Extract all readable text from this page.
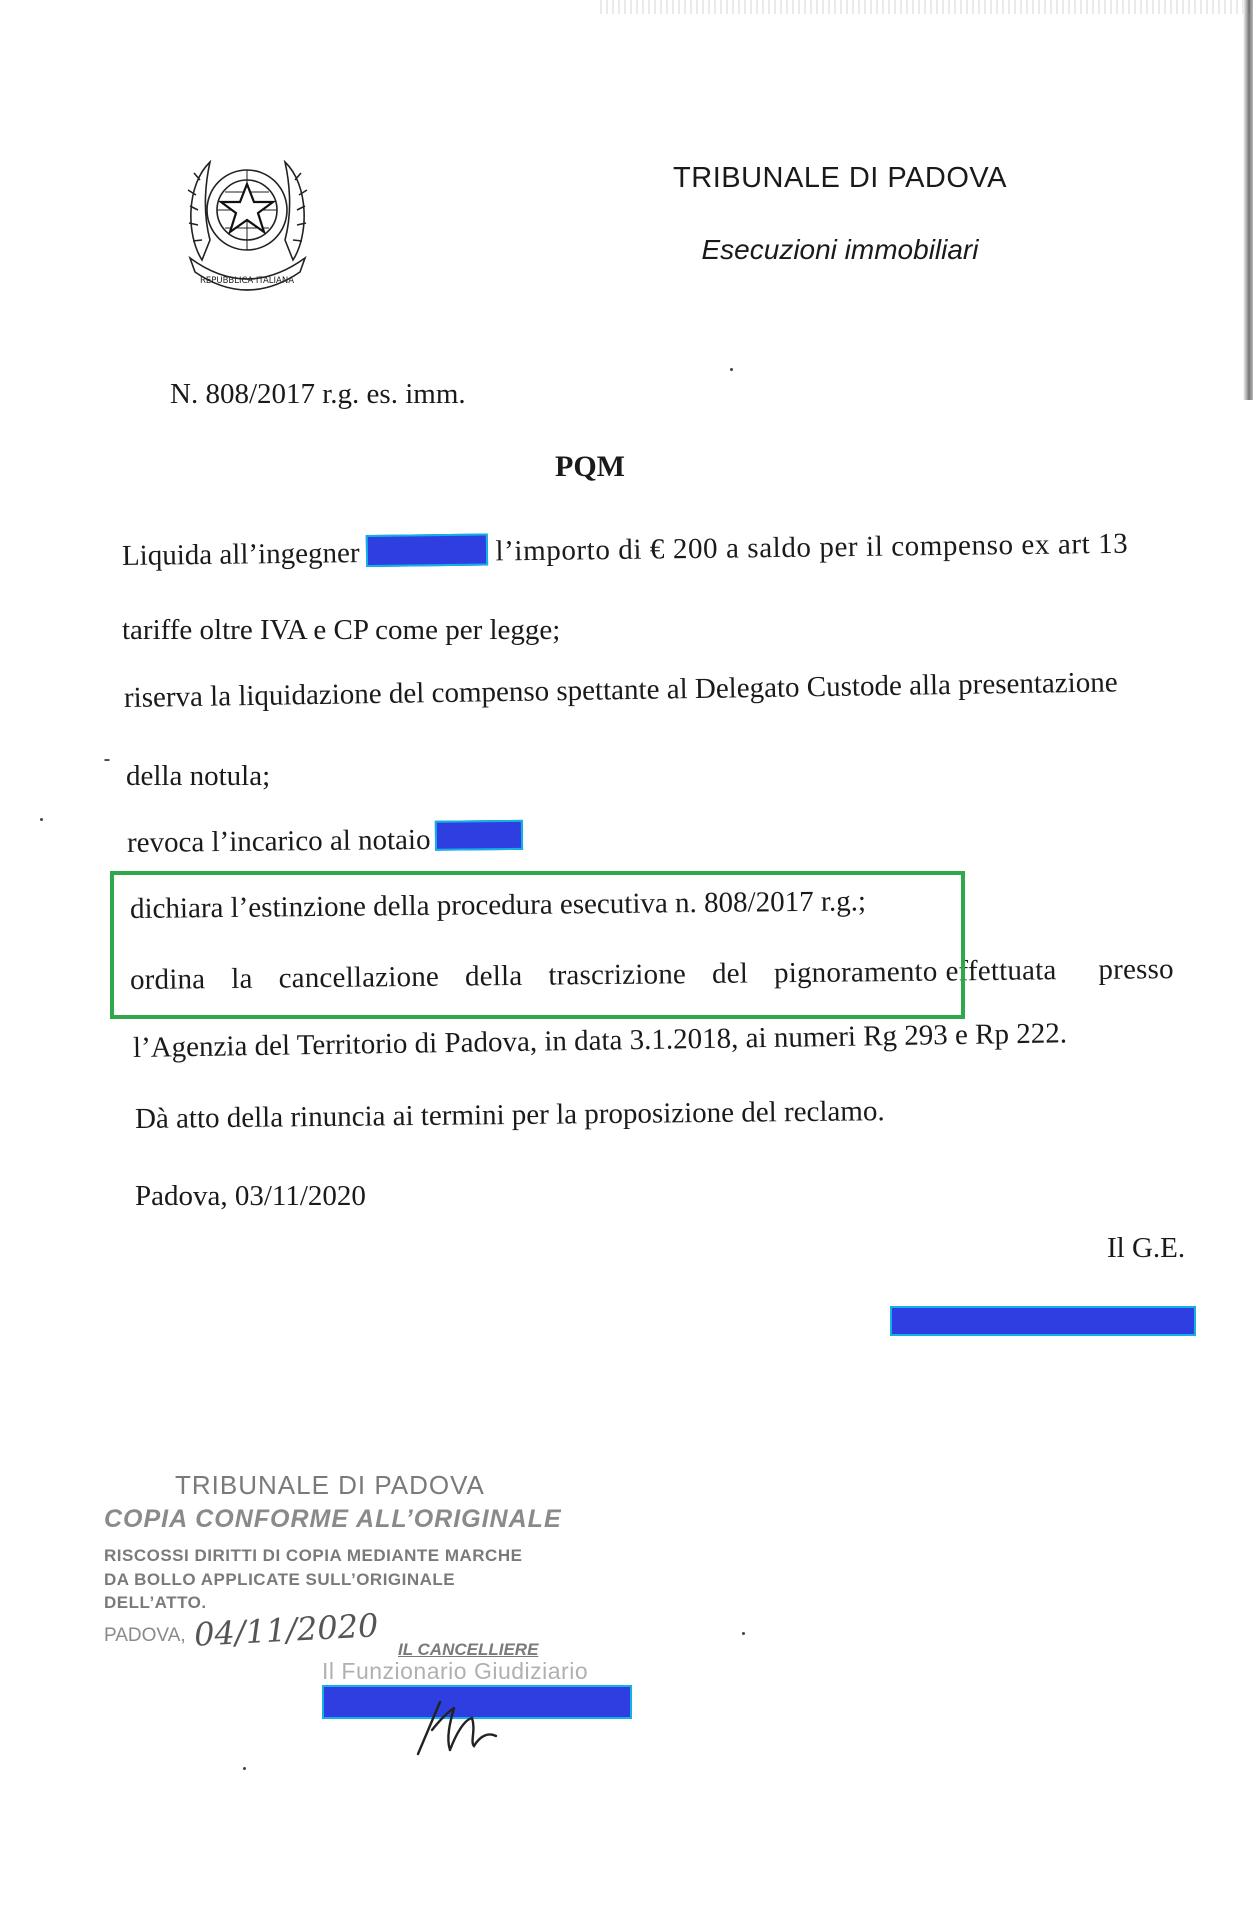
REPUBBLICA ITALIANA
TRIBUNALE DI PADOVA
Esecuzioni immobiliari
N. 808/2017 r.g. es. imm.
PQM
Liquida all’ingegner	l’importo di € 200 a saldo per il compenso ex art 13
tariffe oltre IVA e CP come per legge;
riserva la liquidazione del compenso spettante al Delegato Custode alla presentazione
della notula;
revoca l’incarico al notaio
dichiara l’estinzione della procedura esecutiva n. 808/2017 r.g.;
ordina la cancellazione della trascrizione del pignoramento effettuata presso
l’Agenzia del Territorio di Padova, in data 3.1.2018, ai numeri Rg 293 e Rp 222.
Dà atto della rinuncia ai termini per la proposizione del reclamo.
Padova, 03/11/2020
Il G.E.
TRIBUNALE DI PADOVA
COPIA CONFORME ALL’ORIGINALE
RISCOSSI DIRITTI DI COPIA MEDIANTE MARCHE
DA BOLLO APPLICATE SULL’ORIGINALE
DELL’ATTO.
PADOVA, 04/11/2020 IL CANCELLIERE
Il Funzionario Giudiziario
